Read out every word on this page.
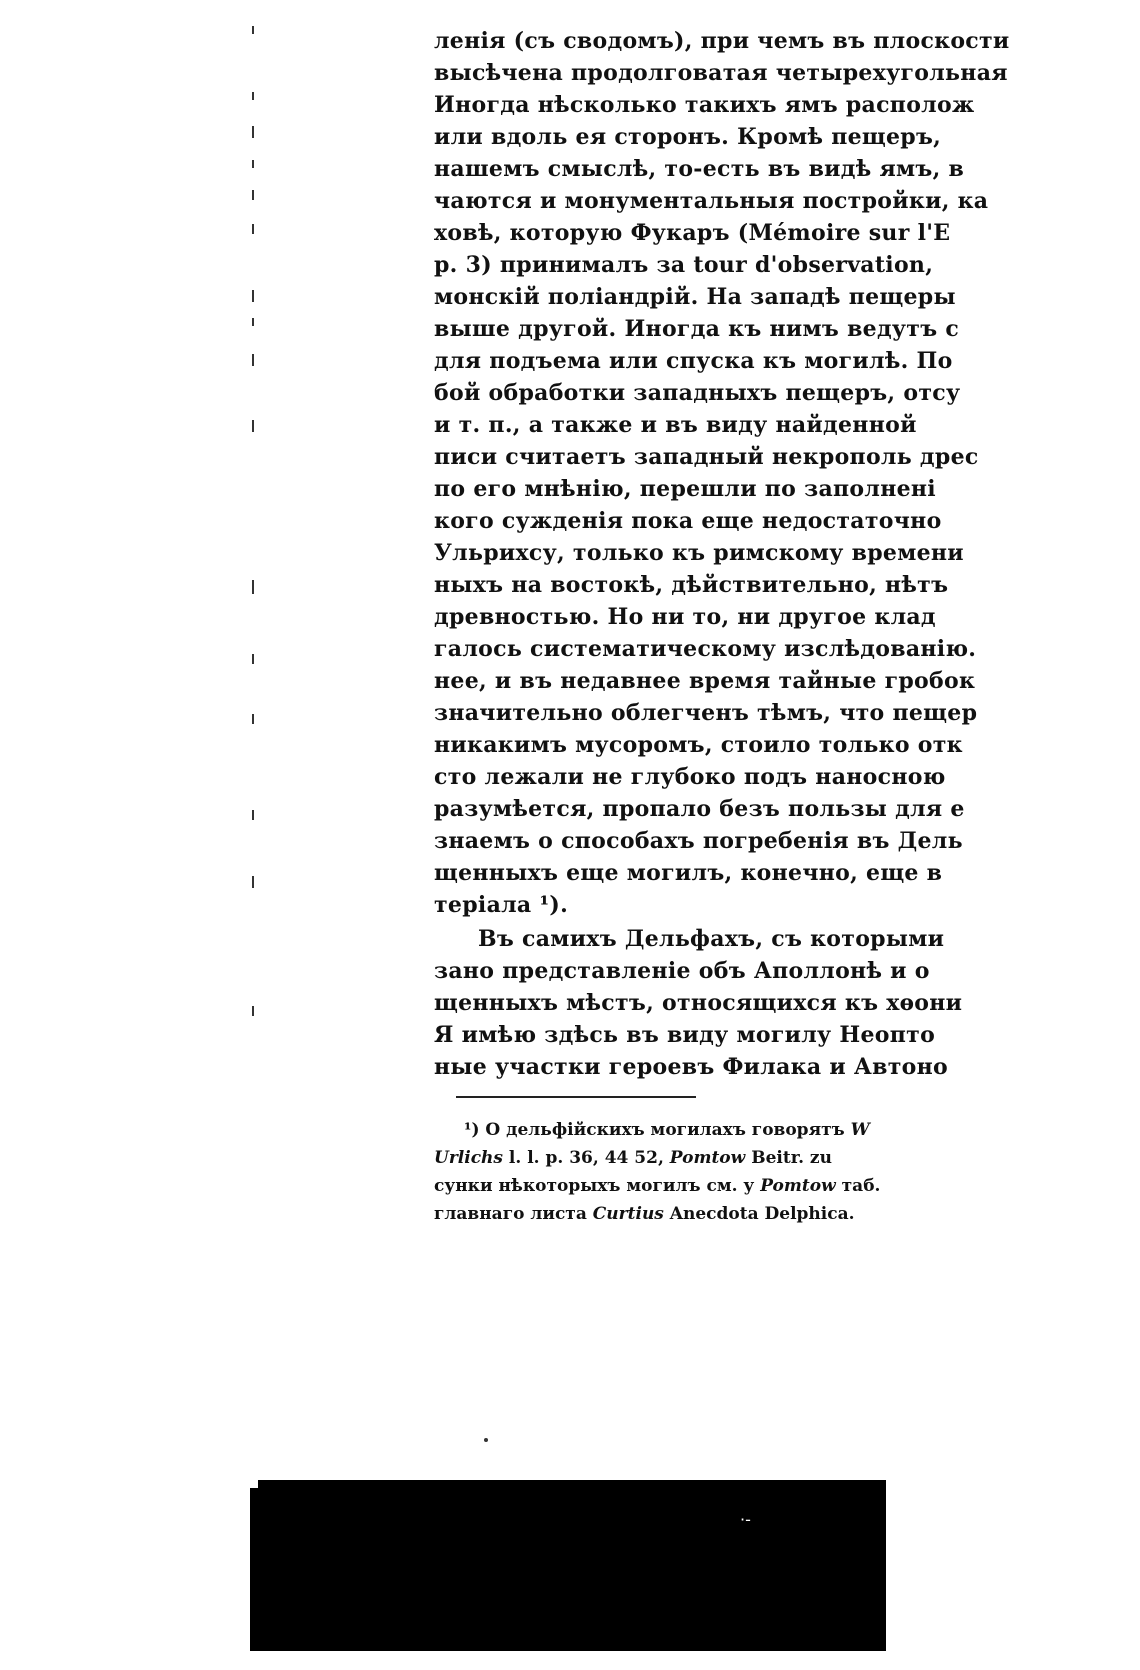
ленія (съ сводомъ), при чемъ въ плоскости
высѣчена продолговатая четырехугольная
Иногда нѣсколько такихъ ямъ располож
или вдоль ея сторонъ. Кромѣ пещеръ,
нашемъ смыслѣ, то-есть въ видѣ ямъ, в
чаются и монументальныя постройки, ка
ховѣ, которую Фукаръ (Mémoire sur l'E
p. 3) принималъ за tour d'observation,
монскій поліандрій. На западѣ пещеры
выше другой. Иногда къ нимъ ведутъ с
для подъема или спуска къ могилѣ. По
бой обработки западныхъ пещеръ, отсу
и т. п., а также и въ виду найденной
писи считаетъ западный некрополь дрес
по его мнѣнію, перешли по заполнені
кого сужденія пока еще недостаточно
Ульрихсу, только къ римскому времени
ныхъ на востокѣ, дѣйствительно, нѣтъ
древностью. Но ни то, ни другое клад
галось систематическому изслѣдованію.
нее, и въ недавнее время тайные гробок
значительно облегченъ тѣмъ, что пещер
никакимъ мусоромъ, стоило только отк
сто лежали не глубоко подъ наносною
разумѣется, пропало безъ пользы для е
знаемъ о способахъ погребенія въ Дель
щенныхъ еще могилъ, конечно, еще в
теріала ¹).
Въ самихъ Дельфахъ, съ которыми
зано представленіе объ Аполлонѣ и о
щенныхъ мѣстъ, относящихся къ хѳони
Я имѣю здѣсь въ виду могилу Неопто
ные участки героевъ Филака и Автоно
¹) О дельфійскихъ могилахъ говорятъ W
Urlichs l. l. p. 36, 44 52, Pomtow Beitr. zu
сунки нѣкоторыхъ могилъ см. у Pomtow таб.
главнаго листа Curtius Anecdota Delphica.
·-
